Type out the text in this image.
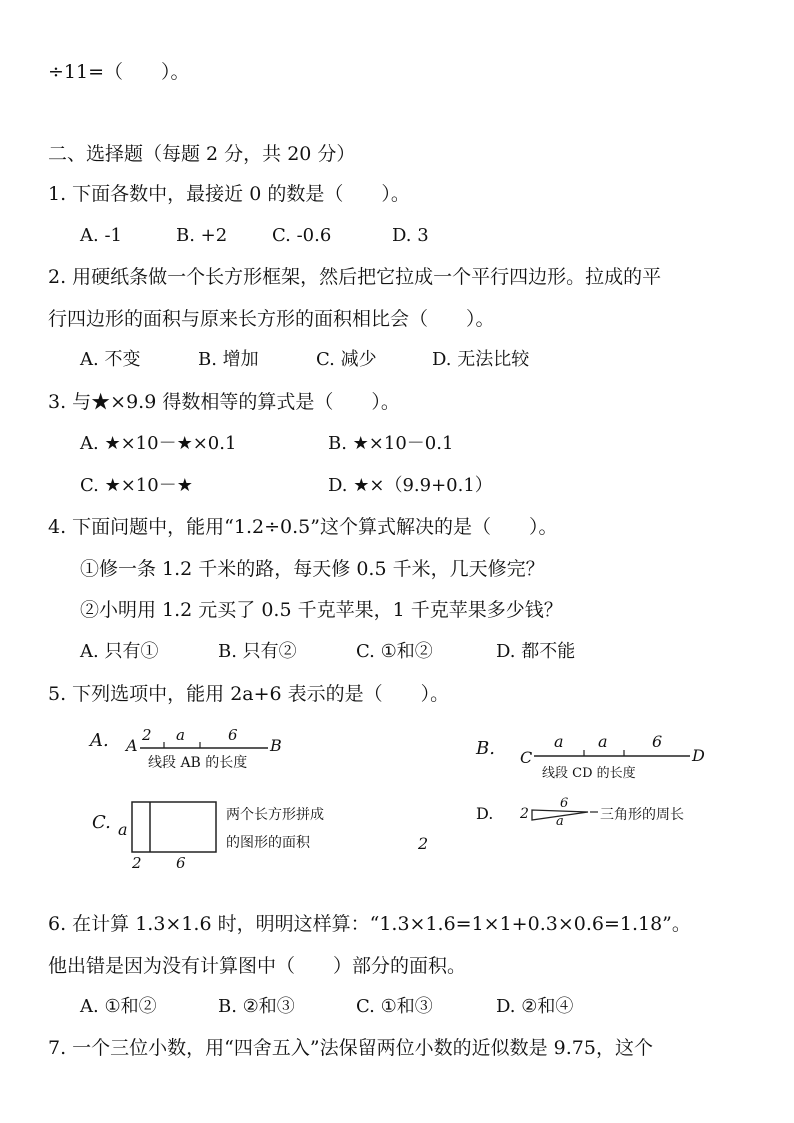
÷11=（　　）。
二、选择题（每题 2 分，共 20 分）
1. 下面各数中，最接近 0 的数是（　　）。
A. -1	B. +2 C. -0.6	D. 3
2. 用硬纸条做一个长方形框架，然后把它拉成一个平行四边形。拉成的平
行四边形的面积与原来长方形的面积相比会（　　）。
A. 不变	B. 增加	C. 减少	D. 无法比较
3. 与★×9.9 得数相等的算式是（　　）。
A. ★×10－★×0.1	B. ★×10－0.1
C. ★×10－★	D. ★×（9.9+0.1）
4. 下面问题中，能用“1.2÷0.5”这个算式解决的是（　　）。
①修一条 1.2 千米的路，每天修 0.5 千米，几天修完？
②小明用 1.2 元买了 0.5 千克苹果，1 千克苹果多少钱？
A. 只有①	B. 只有②	C. ①和②	D. 都不能
5. 下列选项中，能用 2a+6 表示的是（　　）。
A. A	B
2 a	6
线段 AB 的长度
B. C	D
a a	6
线段 CD 的长度
C. a
2 6
两个长方形拼成
的图形的面积	2
D. 2
6
a	三角形的周长
6. 在计算 1.3×1.6 时，明明这样算：“1.3×1.6=1×1+0.3×0.6=1.18”。
他出错是因为没有计算图中（　　）部分的面积。
A. ①和②	B. ②和③	C. ①和③	D. ②和④
7. 一个三位小数，用“四舍五入”法保留两位小数的近似数是 9.75，这个
